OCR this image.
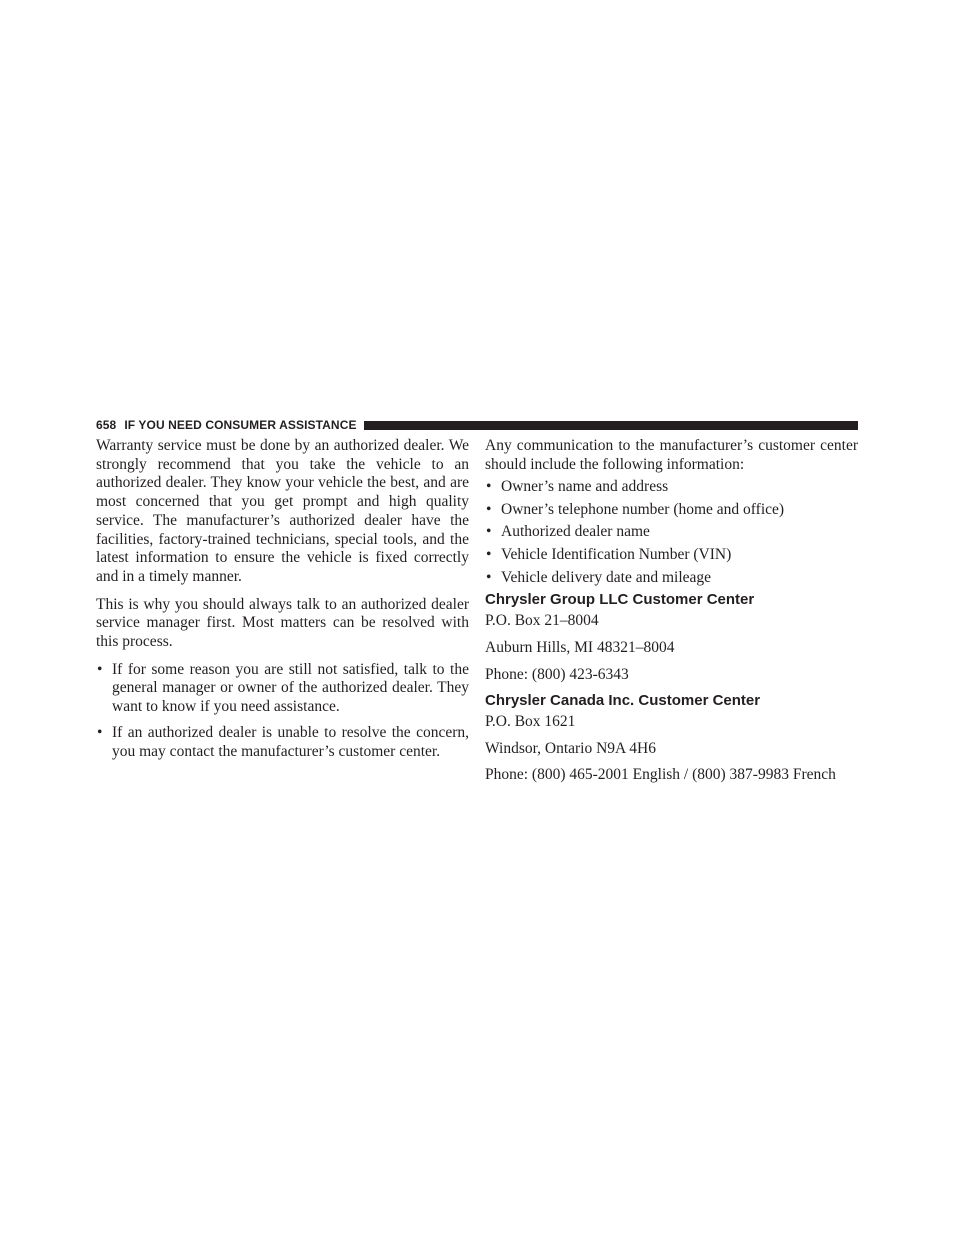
658 IF YOU NEED CONSUMER ASSISTANCE

Warranty service must be done by an authorized dealer. We strongly recommend that you take the vehicle to an authorized dealer. They know your vehicle the best, and are most concerned that you get prompt and high quality service. The manufacturer’s authorized dealer have the facilities, factory-trained technicians, special tools, and the latest information to ensure the vehicle is fixed correctly and in a timely manner.

This is why you should always talk to an authorized dealer service manager first. Most matters can be resolved with this process.

• If for some reason you are still not satisfied, talk to the general manager or owner of the authorized dealer. They want to know if you need assistance.
• If an authorized dealer is unable to resolve the concern, you may contact the manufacturer’s customer center.

Any communication to the manufacturer’s customer center should include the following information:

• Owner’s name and address
• Owner’s telephone number (home and office)
• Authorized dealer name
• Vehicle Identification Number (VIN)
• Vehicle delivery date and mileage
Chrysler Group LLC Customer Center

P.O. Box 21–8004

Auburn Hills, MI 48321–8004

Phone: (800) 423-6343

Chrysler Canada Inc. Customer Center

P.O. Box 1621

Windsor, Ontario N9A 4H6

Phone: (800) 465-2001 English / (800) 387-9983 French
